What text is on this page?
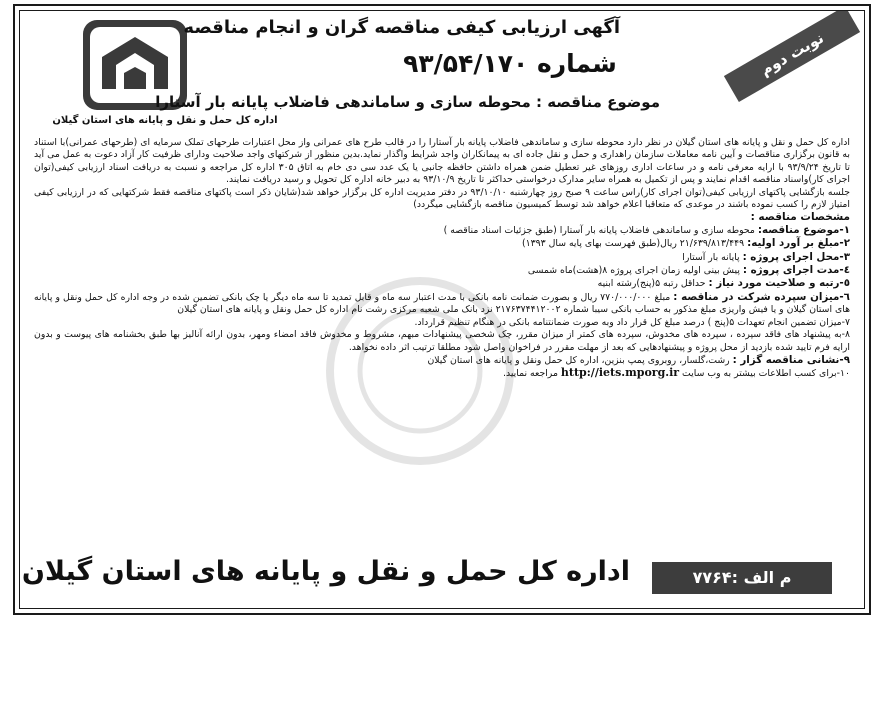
اداره کل حمل و نقل و پایانه های استان گیلان
آگهی ارزیابی کیفی مناقصه گران و انجام مناقصه
شماره ۹۳/۵۴/۱۷۰
موضوع مناقصه : محوطه سازی و ساماندهی فاضلاب پایانه بار آستارا
نوبت دوم

اداره کل حمل و نقل و پایانه های استان گیلان در نظر دارد محوطه سازی و ساماندهی فاضلاب پایانه بار آستارا را در قالب طرح های عمرانی واز محل اعتبارات طرحهای تملک سرمایه ای (طرحهای عمرانی)با استناد به قانون برگزاری مناقصات و آیین نامه معاملات سازمان راهداری و حمل و نقل جاده ای به پیمانکاران واجد شرایط واگذار نماید.بدین منظور از شرکتهای واجد صلاحیت ودارای ظرفیت کار آزاد دعوت به عمل می آید تا تاریخ ۹۳/۹/۲۴ با ارایه معرفی نامه و در ساعات اداری روزهای غیر تعطیل ضمن همراه داشتن حافظه جانبی یا یک عدد سی دی خام به اتاق ۳۰۵ اداره کل مراجعه و نسبت به دریافت اسناد ارزیابی کیفی(توان اجرای کار)واسناد مناقصه اقدام نمایند و پس از تکمیل به همراه سایر مدارک درخواستی حداکثر تا تاریخ ۹۳/۱۰/۹ به دبیر خانه اداره کل تحویل و رسید دریافت نمایند.

جلسه بازگشایی پاکتهای ارزیابی کیفی(توان اجرای کار)راس ساعت ۹ صبح روز چهارشنبه ۹۳/۱۰/۱۰ در دفتر مدیریت اداره کل برگزار خواهد شد(شایان ذکر است پاکتهای مناقصه فقط شرکتهایی که در ارزیابی کیفی امتیاز لازم را کسب نموده باشند در موعدی که متعاقبا اعلام خواهد شد توسط کمیسیون مناقصه بازگشایی میگردد)

مشخصات مناقصه :

۱-موضوع مناقصه: محوطه سازی و ساماندهی فاضلاب پایانه بار آستارا (طبق جزئیات اسناد مناقصه )

۲-مبلغ بر آورد اولیه: ۲۱/۶۳۹/۸۱۳/۴۴۹ ریال(طبق فهرست بهای پایه سال ۱۳۹۳)

۳-محل اجرای پروژه : پایانه بار آستارا

٤-مدت اجرای پروژه : پیش بینی اولیه زمان اجرای پروژه ۸(هشت)ماه شمسی

٥-رتبه و صلاحیت مورد نیاز : حداقل رتبه ۵(پنج)رشته ابنیه

٦-میزان سپرده شرکت در مناقصه : مبلغ ۷۷۰/۰۰۰/۰۰۰ ریال و بصورت ضمانت نامه بانکی با مدت اعتبار سه ماه و قابل تمدید تا سه ماه دیگر یا چک بانکی تضمین شده در وجه اداره کل حمل ونقل و پایانه های استان گیلان و یا فیش واریزی مبلغ مذکور به حساب بانکی سیبا شماره ۲۱۷۶۳۷۴۴۱۲۰۰۲ نزد بانک ملی شعبه مرکزی رشت نام اداره کل حمل ونقل و پایانه های استان گیلان

۷-میزان تضمین انجام تعهدات ۵(پنج ) درصد مبلغ کل قرار داد وبه صورت ضمانتنامه بانکی در هنگام تنظیم قرارداد.

۸-به پیشنهاد های فاقد سپرده ، سپرده های مخدوش، سپرده های کمتر از میزان مقرر، چک شخصی پیشنهادات مبهم، مشروط و مخدوش فاقد امضاء ومهر، بدون ارائه آنالیز بها طبق بخشنامه های پیوست و بدون ارایه فرم تایید شده بازدید از محل پروژه و پیشنهادهایی که بعد از مهلت مقرر در فراخوان واصل شود مطلقا ترتیب اثر داده نخواهد.

۹-نشانی مناقصه گزار : رشت،گلسار، روبروی پمپ بنزین، اداره کل حمل ونقل و پایانه های استان گیلان

۱۰-برای کسب اطلاعات بیشتر به وب سایت http://iets.mporg.ir مراجعه نمایید.

اداره کل حمل و نقل و پایانه های استان گیلان	م الف :۷۷۶۴
